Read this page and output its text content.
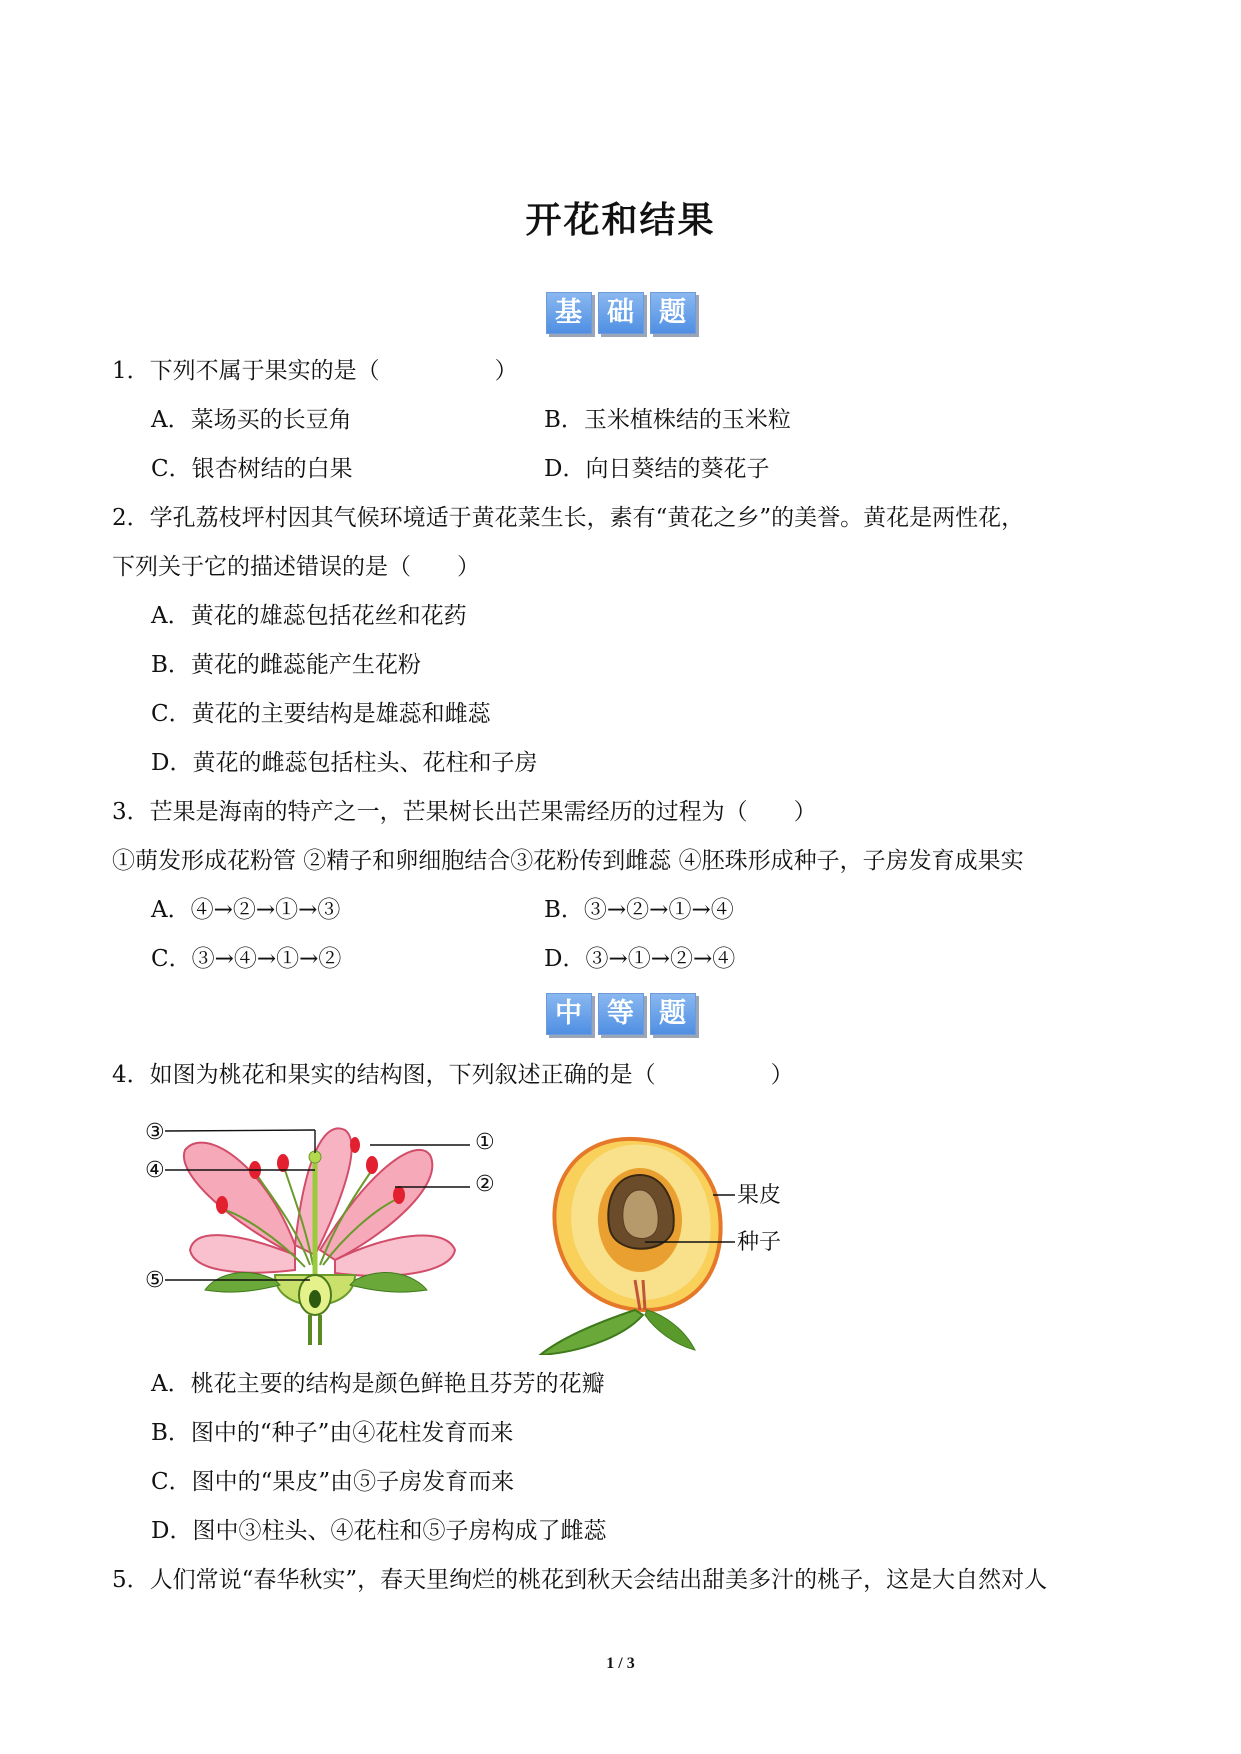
开花和结果
基 础 题
1．下列不属于果实的是（　　　　　）
A．菜场买的长豆角	B．玉米植株结的玉米粒
C．银杏树结的白果	D．向日葵结的葵花子
2．学孔荔枝坪村因其气候环境适于黄花菜生长，素有“黄花之乡”的美誉。黄花是两性花，
下列关于它的描述错误的是（　　）
A．黄花的雄蕊包括花丝和花药
B．黄花的雌蕊能产生花粉
C．黄花的主要结构是雄蕊和雌蕊
D．黄花的雌蕊包括柱头、花柱和子房
3．芒果是海南的特产之一，芒果树长出芒果需经历的过程为（　　）
①萌发形成花粉管 ②精子和卵细胞结合③花粉传到雌蕊 ④胚珠形成种子，子房发育成果实
A．④→②→①→③	B．③→②→①→④
C．③→④→①→②	D．③→①→②→④
中 等 题
4．如图为桃花和果实的结构图，下列叙述正确的是（　　　　　）
③
④
⑤
①
②	果皮
种子
A．桃花主要的结构是颜色鲜艳且芬芳的花瓣
B．图中的“种子”由④花柱发育而来
C．图中的“果皮”由⑤子房发育而来
D．图中③柱头、④花柱和⑤子房构成了雌蕊
5．人们常说“春华秋实”，春天里绚烂的桃花到秋天会结出甜美多汁的桃子，这是大自然对人
1 / 3
